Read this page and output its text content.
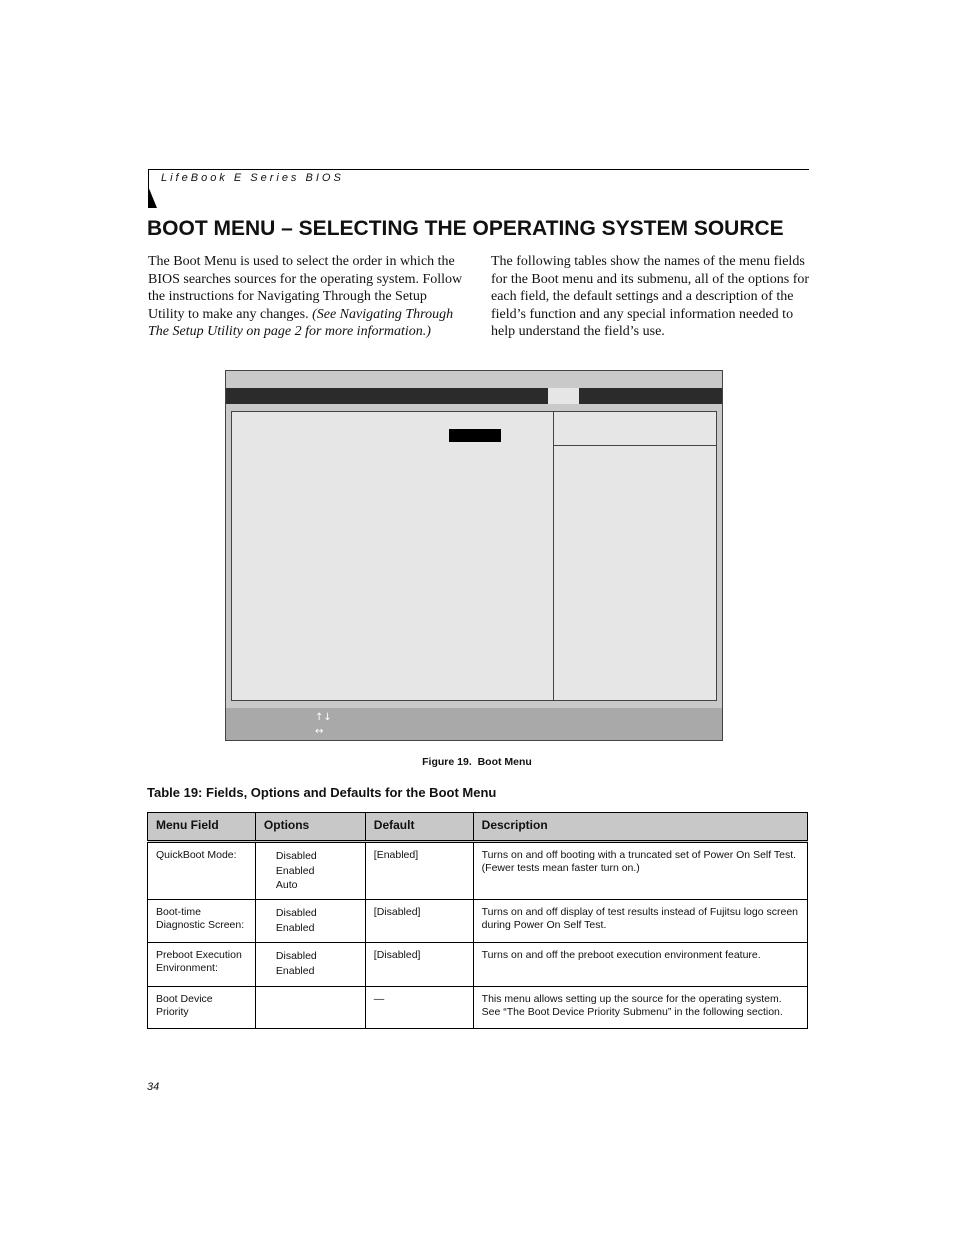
LifeBook E Series BIOS
BOOT MENU – SELECTING THE OPERATING SYSTEM SOURCE

The Boot Menu is used to select the order in which the BIOS searches sources for the operating system. Follow the instructions for Navigating Through the Setup Utility to make any changes. (See Navigating Through The Setup Utility on page 2 for more information.)

The following tables show the names of the menu fields for the Boot menu and its submenu, all of the options for each field, the default settings and a description of the field’s function and any special information needed to help understand the field’s use.

↑↓
↔
Figure 19. Boot Menu
Table 19: Fields, Options and Defaults for the Boot Menu
Menu Field	Options	Default	Description
QuickBoot Mode:	Disabled
Enabled
Auto	[Enabled]	Turns on and off booting with a truncated set of Power On Self Test. (Fewer tests mean faster turn on.)
Boot-time Diagnostic Screen:	Disabled
Enabled	[Disabled]	Turns on and off display of test results instead of Fujitsu logo screen during Power On Self Test.
Preboot Execution Environment:	Disabled
Enabled	[Disabled]	Turns on and off the preboot execution environment feature.
Boot Device Priority		—	This menu allows setting up the source for the operating system. See “The Boot Device Priority Submenu” in the following section.
34
